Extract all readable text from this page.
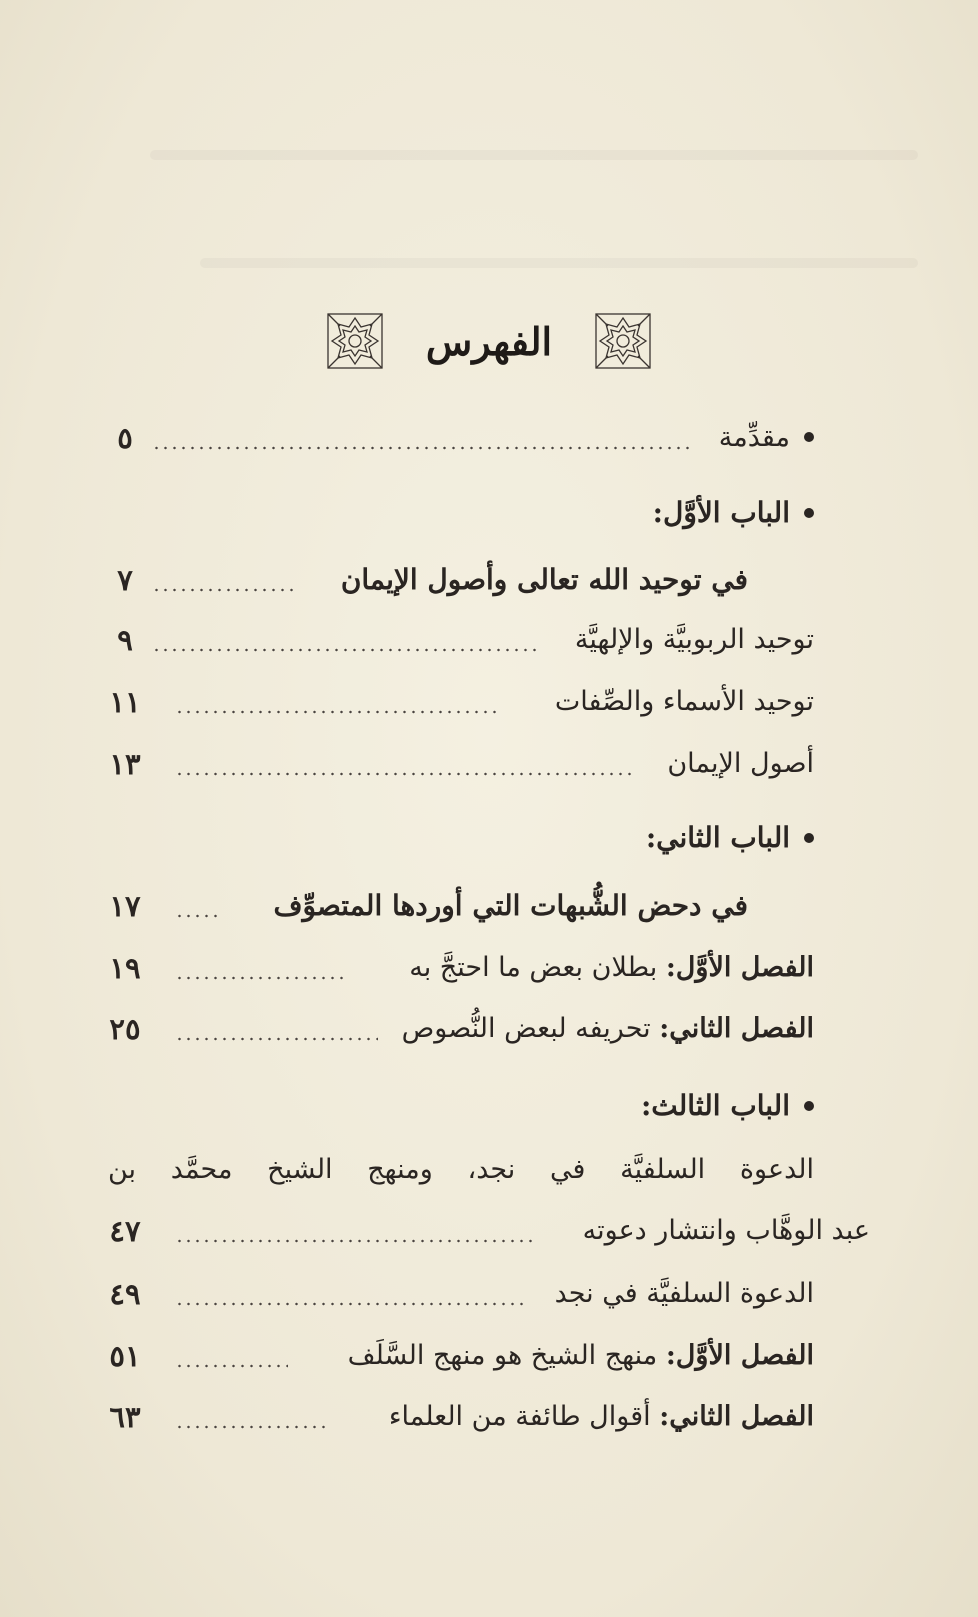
الفهرس
مقدِّمة
٥
الباب الأوَّل:
في توحيد الله تعالى وأصول الإيمان
٧
توحيد الربوبيَّة والإلهيَّة
٩
توحيد الأسماء والصِّفات
١١
أصول الإيمان
١٣
الباب الثاني:
في دحض الشُّبهات التي أوردها المتصوِّف
١٧
الفصل الأوَّل: بطلان بعض ما احتجَّ به
١٩
الفصل الثاني: تحريفه لبعض النُّصوص
٢٥
الباب الثالث:
الدعوة السلفيَّة في نجد، ومنهج الشيخ محمَّد بن
عبد الوهَّاب وانتشار دعوته
٤٧
الدعوة السلفيَّة في نجد
٤٩
الفصل الأوَّل: منهج الشيخ هو منهج السَّلَف
٥١
الفصل الثاني: أقوال طائفة من العلماء
٦٣
